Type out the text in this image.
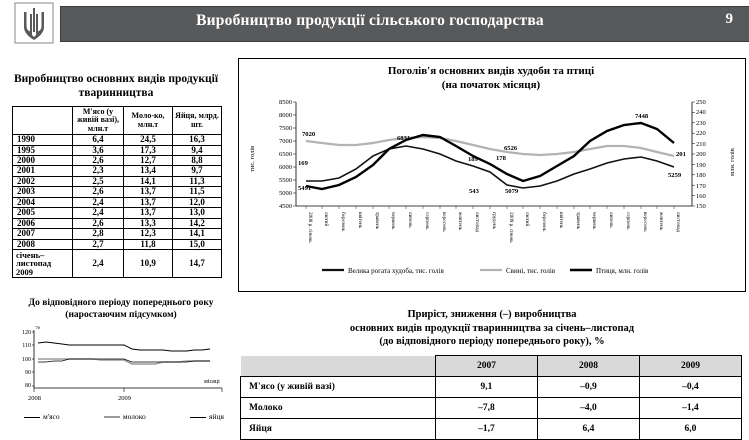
Виробництво продукції сільського господарства	9
Виробництво основних видів продукції тваринництва
	М'ясо (у живій вазі), млн.т	Моло-ко, млн.т	Яйця, млрд. шт.
1990	6,4	24,5	16,3
1995	3,6	17,3	9,4
2000	2,6	12,7	8,8
2001	2,3	13,4	9,7
2002	2,5	14,1	11,3
2003	2,6	13,7	11,5
2004	2,4	13,7	12,0
2005	2,4	13,7	13,0
2006	2,6	13,3	14,2
2007	2,8	12,3	14,1
2008	2,7	11,8	15,0
січень–листопад 2009	2,4	10,9	14,7
До відповідного періоду попереднього року (наростаючим підсумком)
120
110
100
90
80
%
місяці
2008	2009
м'ясо	молоко	яйця
Поголів'я основних видів худоби та птиці
(на початок місяця)
тис. голів	млн. голів
8500
8000
7500
7000
6500
6000
5500
5000
4500
250
240
230
220
210
200
190
180
170
160
150
2008 р. січень лютий березень квітень травень червень липень серпень вересень жовтень листопад грудень 2009 р. січень лютий березень квітень травень червень липень серпень вересень жовтень листопад
7020
6526
5491
6831
5079
5259
7448
169
189	178
543
201
Велика рогата худоба, тис. голів	Свині, тис. голів	Птиця, млн. голів
Приріст, зниження (–) виробництва
основних видів продукції тваринництва за січень–листопад
(до відповідного періоду попереднього року), %
	2007	2008	2009
М'ясо (у живій вазі)	9,1	–0,9	–0,4
Молоко	–7,8	–4,0	–1,4
Яйця	–1,7	6,4	6,0
